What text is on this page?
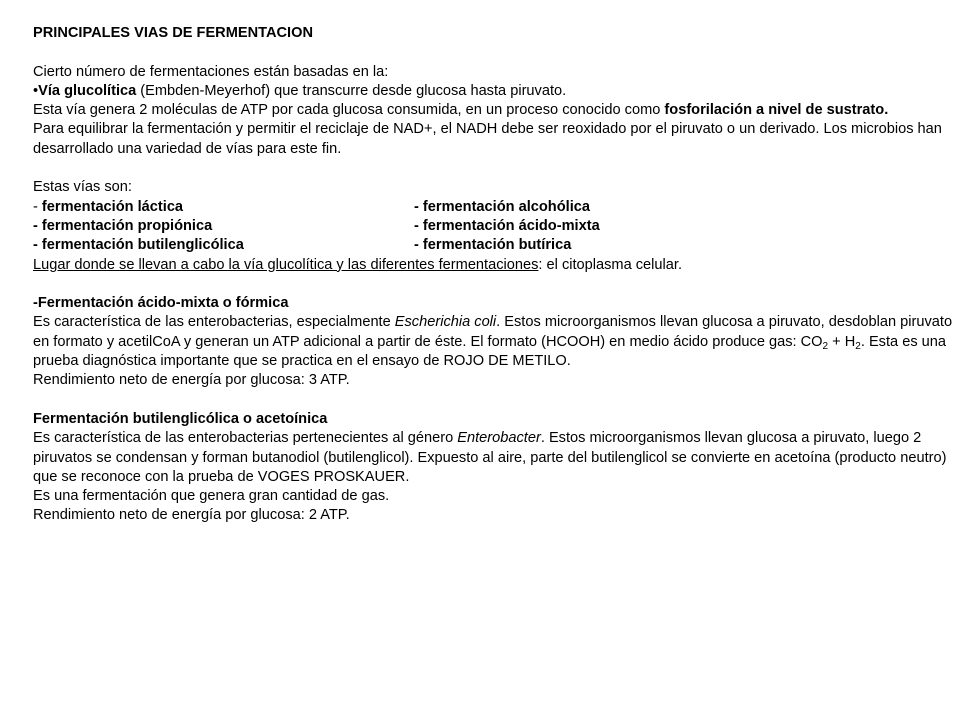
PRINCIPALES VIAS DE FERMENTACION
Cierto número de fermentaciones están basadas en la:
•Vía glucolítica (Embden-Meyerhof) que transcurre desde glucosa hasta piruvato.
Esta vía genera 2 moléculas de ATP por cada glucosa consumida, en un proceso conocido como fosforilación a nivel de sustrato.
Para equilibrar la fermentación y permitir el reciclaje de NAD+, el NADH debe ser reoxidado por el piruvato o un derivado. Los microbios han desarrollado una variedad de vías para este fin.
Estas vías son:
- fermentación láctica	- fermentación alcohólica
- fermentación propiónica	- fermentación ácido-mixta
- fermentación butilenglicólica	- fermentación butírica
Lugar donde se llevan a cabo la vía glucolítica y las diferentes fermentaciones: el citoplasma celular.
-Fermentación ácido-mixta o fórmica
Es característica de las enterobacterias, especialmente Escherichia coli. Estos microorganismos llevan glucosa a piruvato, desdoblan piruvato en formato y acetilCoA y generan un ATP adicional a partir de éste. El formato (HCOOH) en medio ácido produce gas: $CO_2 + H_2$. Esta es una prueba diagnóstica importante que se practica en el ensayo de ROJO DE METILO.
Rendimiento neto de energía por glucosa: 3 ATP.
Fermentación butilenglicólica o acetoínica
Es característica de las enterobacterias pertenecientes al género Enterobacter. Estos microorganismos llevan glucosa a piruvato, luego 2 piruvatos se condensan y forman butanodiol (butilenglicol). Expuesto al aire, parte del butilenglicol se convierte en acetoína (producto neutro) que se reconoce con la prueba de VOGES PROSKAUER.
Es una fermentación que genera gran cantidad de gas.
Rendimiento neto de energía por glucosa: 2 ATP.
